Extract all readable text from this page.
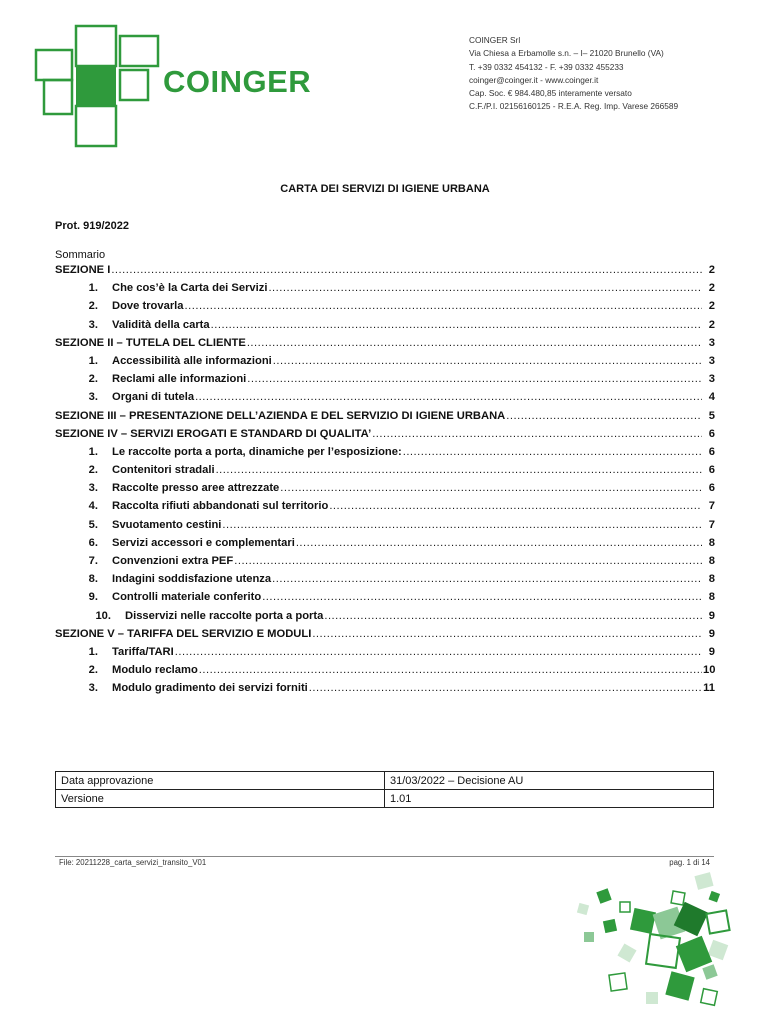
COINGER
COINGER Srl
Via Chiesa a Erbamolle s.n. – I– 21020 Brunello (VA)
T. +39 0332 454132 - F. +39 0332 455233
coinger@coinger.it - www.coinger.it
Cap. Soc. € 984.480,85 interamente versato
C.F./P.I. 02156160125 - R.E.A. Reg. Imp. Varese 266589
CARTA DEI SERVIZI DI IGIENE URBANA
Prot. 919/2022
Sommario
SEZIONE I .....	2
1.	Che cos’è la Carta dei Servizi .....	2
2.	Dove trovarla .....	2
3.	Validità della carta .....	2
SEZIONE II – TUTELA DEL CLIENTE .....	3
1.	Accessibilità alle informazioni .....	3
2.	Reclami alle informazioni .....	3
3.	Organi di tutela .....	4
SEZIONE III – PRESENTAZIONE DELL’AZIENDA E DEL SERVIZIO DI IGIENE URBANA .....	5
SEZIONE IV – SERVIZI EROGATI E STANDARD DI QUALITA’ .....	6
1.	Le raccolte porta a porta, dinamiche per l’esposizione: .....	6
2.	Contenitori stradali .....	6
3.	Raccolte presso aree attrezzate .....	6
4.	Raccolta rifiuti abbandonati sul territorio .....	7
5.	Svuotamento cestini .....	7
6.	Servizi accessori e complementari .....	8
7.	Convenzioni extra PEF .....	8
8.	Indagini soddisfazione utenza .....	8
9.	Controlli materiale conferito .....	8
10.	Disservizi nelle raccolte porta a porta .....	9
SEZIONE V – TARIFFA DEL SERVIZIO E MODULI .....	9
1.	Tariffa/TARI .....	9
2.	Modulo reclamo .....	10
3.	Modulo gradimento dei servizi forniti .....	11
Data approvazione	31/03/2022 – Decisione AU
Versione	1.01
File: 20211228_carta_servizi_transito_V01	pag. 1 di 14
